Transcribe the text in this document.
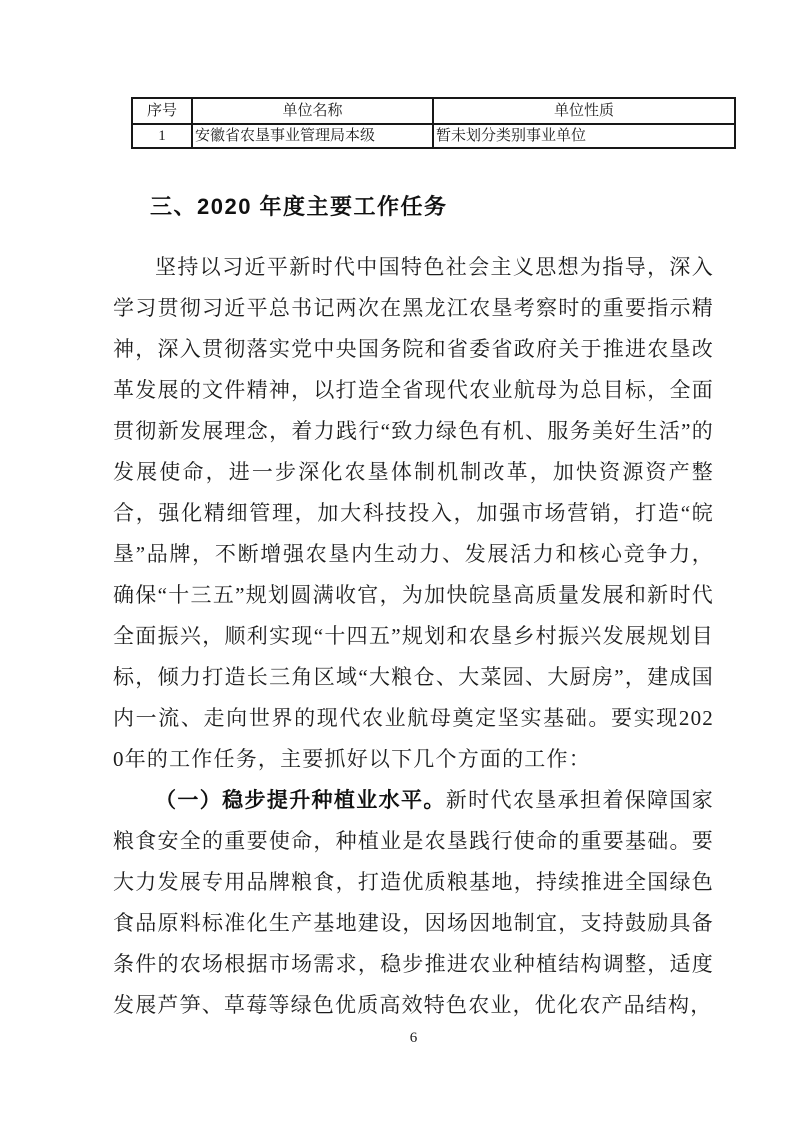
序号	单位名称	单位性质
1	安徽省农垦事业管理局本级	暂未划分类别事业单位
三、2020 年度主要工作任务

坚持以习近平新时代中国特色社会主义思想为指导，深入学习贯彻习近平总书记两次在黑龙江农垦考察时的重要指示精神，深入贯彻落实党中央国务院和省委省政府关于推进农垦改革发展的文件精神，以打造全省现代农业航母为总目标，全面贯彻新发展理念，着力践行“致力绿色有机、服务美好生活”的发展使命，进一步深化农垦体制机制改革，加快资源资产整合，强化精细管理，加大科技投入，加强市场营销，打造“皖垦”品牌，不断增强农垦内生动力、发展活力和核心竞争力，确保“十三五”规划圆满收官，为加快皖垦高质量发展和新时代全面振兴，顺利实现“十四五”规划和农垦乡村振兴发展规划目标，倾力打造长三角区域“大粮仓、大菜园、大厨房”，建成国内一流、走向世界的现代农业航母奠定坚实基础。要实现2020年的工作任务，主要抓好以下几个方面的工作：

（一）稳步提升种植业水平。新时代农垦承担着保障国家粮食安全的重要使命，种植业是农垦践行使命的重要基础。要大力发展专用品牌粮食，打造优质粮基地，持续推进全国绿色食品原料标准化生产基地建设，因场因地制宜，支持鼓励具备条件的农场根据市场需求，稳步推进农业种植结构调整，适度发展芦笋、草莓等绿色优质高效特色农业，优化农产品结构，

6
